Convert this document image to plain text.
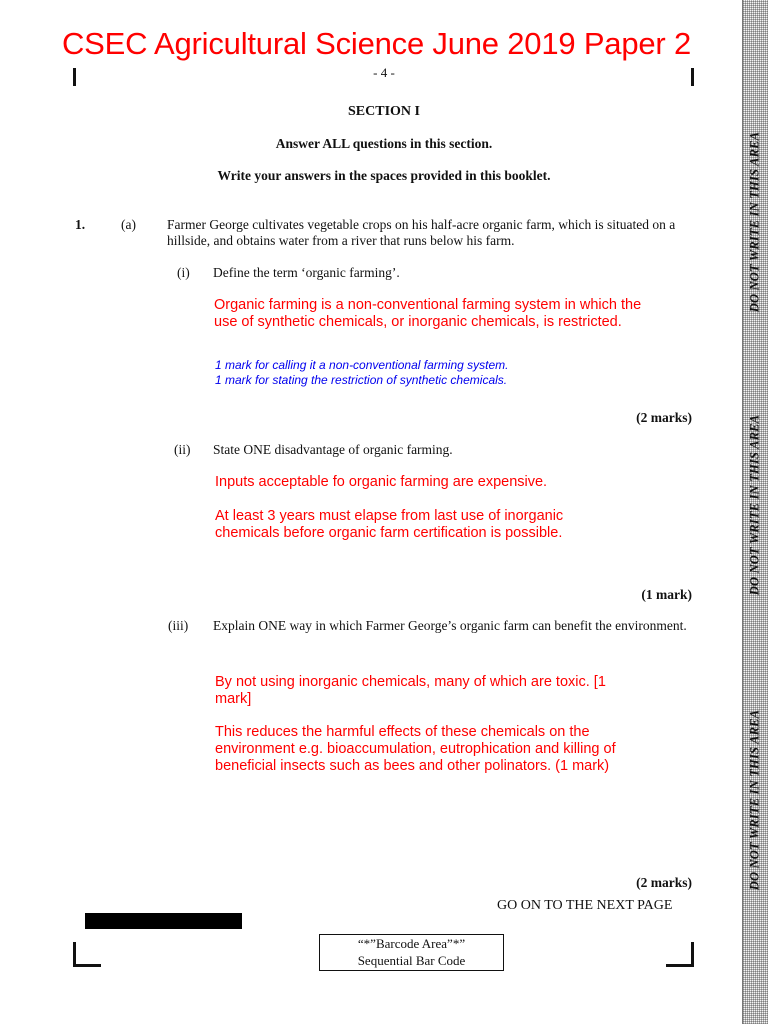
CSEC Agricultural Science June 2019 Paper 2
- 4 -
SECTION I
Answer ALL questions in this section.
Write your answers in the spaces provided in this booklet.
1.	(a) Farmer George cultivates vegetable crops on his half-acre organic farm, which is situated on a hillside, and obtains water from a river that runs below his farm.
(i) Define the term ‘organic farming’.
Organic farming is a non-conventional farming system in which the use of synthetic chemicals, or inorganic chemicals, is restricted.
1 mark for calling it a non-conventional farming system.
1 mark for stating the restriction of synthetic chemicals.
(2 marks)
(ii) State ONE disadvantage of organic farming.
Inputs acceptable fo organic farming are expensive.
At least 3 years must elapse from last use of inorganic chemicals before organic farm certification is possible.
(1 mark)
(iii) Explain ONE way in which Farmer George’s organic farm can benefit the environment.
By not using inorganic chemicals, many of which are toxic. [1 mark]
This reduces the harmful effects of these chemicals on the environment e.g. bioaccumulation, eutrophication and killing of beneficial insects such as bees and other polinators. (1 mark)
(2 marks)
GO ON TO THE NEXT PAGE
“*”Barcode Area”*”
Sequential Bar Code
DO NOT WRITE IN THIS AREA
DO NOT WRITE IN THIS AREA
DO NOT WRITE IN THIS AREA
